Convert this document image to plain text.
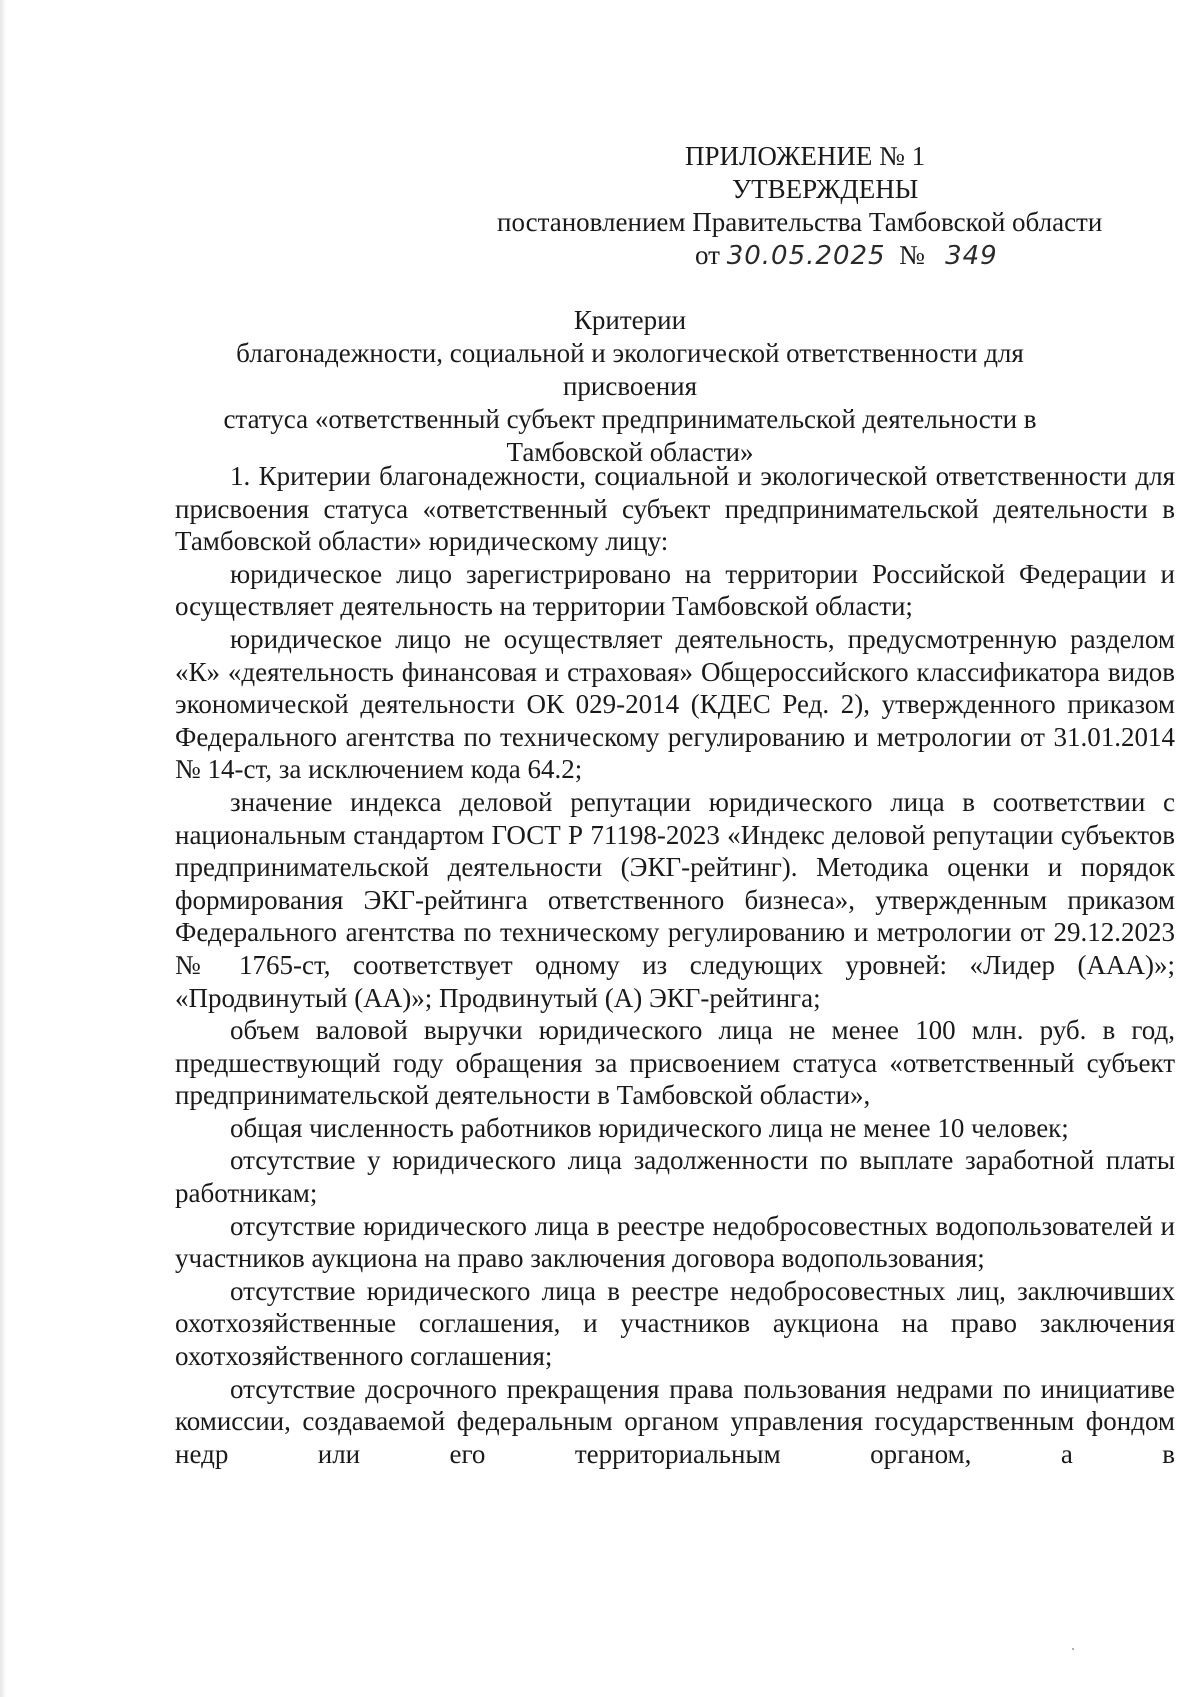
ПРИЛОЖЕНИЕ № 1
УТВЕРЖДЕНЫ
постановлением Правительства Тамбовской области
от 30.05.2025 № 349
Критерии
благонадежности, социальной и экологической ответственности для присвоения
статуса «ответственный субъект предпринимательской деятельности в
Тамбовской области»

1. Критерии благонадежности, социальной и экологической ответственности для присвоения статуса «ответственный субъект предпринимательской деятельности в Тамбовской области» юридическому лицу:

юридическое лицо зарегистрировано на территории Российской Федерации и осуществляет деятельность на территории Тамбовской области;

юридическое лицо не осуществляет деятельность, предусмотренную разделом «К» «деятельность финансовая и страховая» Общероссийского классификатора видов экономической деятельности ОК 029-2014 (КДЕС Ред. 2), утвержденного приказом Федерального агентства по техническому регулированию и метрологии от 31.01.2014 № 14-ст, за исключением кода 64.2;

значение индекса деловой репутации юридического лица в соответствии с национальным стандартом ГОСТ Р 71198-2023 «Индекс деловой репутации субъектов предпринимательской деятельности (ЭКГ-рейтинг). Методика оценки и порядок формирования ЭКГ-рейтинга ответственного бизнеса», утвержденным приказом Федерального агентства по техническому регулированию и метрологии от 29.12.2023 № 1765-ст, соответствует одному из следующих уровней: «Лидер (ААА)»; «Продвинутый (АА)»; Продвинутый (А) ЭКГ-рейтинга;

объем валовой выручки юридического лица не менее 100 млн. руб. в год, предшествующий году обращения за присвоением статуса «ответственный субъект предпринимательской деятельности в Тамбовской области»,

общая численность работников юридического лица не менее 10 человек;

отсутствие у юридического лица задолженности по выплате заработной платы работникам;

отсутствие юридического лица в реестре недобросовестных водопользователей и участников аукциона на право заключения договора водопользования;

отсутствие юридического лица в реестре недобросовестных лиц, заключивших охотхозяйственные соглашения, и участников аукциона на право заключения охотхозяйственного соглашения;

отсутствие досрочного прекращения права пользования недрами по инициативе комиссии, создаваемой федеральным органом управления государственным фондом недр или его территориальным органом, а в
